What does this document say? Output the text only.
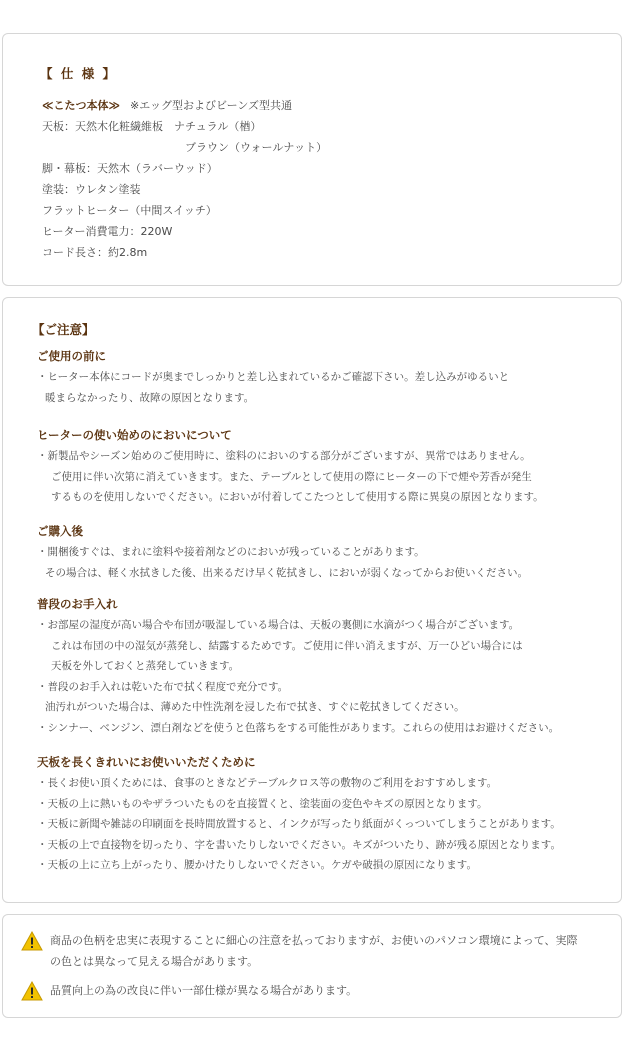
【 仕 様 】
≪こたつ本体≫ ※エッグ型およびビーンズ型共通
天板：天然木化粧繊維板　ナチュラル（楢）
ブラウン（ウォールナット）
脚・幕板：天然木（ラバーウッド）
塗装：ウレタン塗装
フラットヒーター（中間スイッチ）
ヒーター消費電力：220W
コード長さ：約2.8m
【ご注意】
ご使用の前に
・ヒーター本体にコードが奥までしっかりと差し込まれているかご確認下さい。差し込みがゆるいと
暖まらなかったり、故障の原因となります。
ヒーターの使い始めのにおいについて
・新製品やシーズン始めのご使用時に、塗料のにおいのする部分がございますが、異常ではありません。
ご使用に伴い次第に消えていきます。また、テーブルとして使用の際にヒーターの下で煙や芳香が発生
するものを使用しないでください。においが付着してこたつとして使用する際に異臭の原因となります。
ご購入後
・開梱後すぐは、まれに塗料や接着剤などのにおいが残っていることがあります。
その場合は、軽く水拭きした後、出来るだけ早く乾拭きし、においが弱くなってからお使いください。
普段のお手入れ
・お部屋の湿度が高い場合や布団が吸湿している場合は、天板の裏側に水滴がつく場合がございます。
これは布団の中の湿気が蒸発し、結露するためです。ご使用に伴い消えますが、万一ひどい場合には
天板を外しておくと蒸発していきます。
・普段のお手入れは乾いた布で拭く程度で充分です。
油汚れがついた場合は、薄めた中性洗剤を浸した布で拭き、すぐに乾拭きしてください。
・シンナー、ベンジン、漂白剤などを使うと色落ちをする可能性があります。これらの使用はお避けください。
天板を長くきれいにお使いいただくために
・長くお使い頂くためには、食事のときなどテーブルクロス等の敷物のご利用をおすすめします。
・天板の上に熱いものやザラついたものを直接置くと、塗装面の変色やキズの原因となります。
・天板に新聞や雑誌の印刷面を長時間放置すると、インクが写ったり紙面がくっついてしまうことがあります。
・天板の上で直接物を切ったり、字を書いたりしないでください。キズがついたり、跡が残る原因となります。
・天板の上に立ち上がったり、腰かけたりしないでください。ケガや破損の原因になります。
商品の色柄を忠実に表現することに細心の注意を払っておりますが、お使いのパソコン環境によって、実際
の色とは異なって見える場合があります。
品質向上の為の改良に伴い一部仕様が異なる場合があります。
